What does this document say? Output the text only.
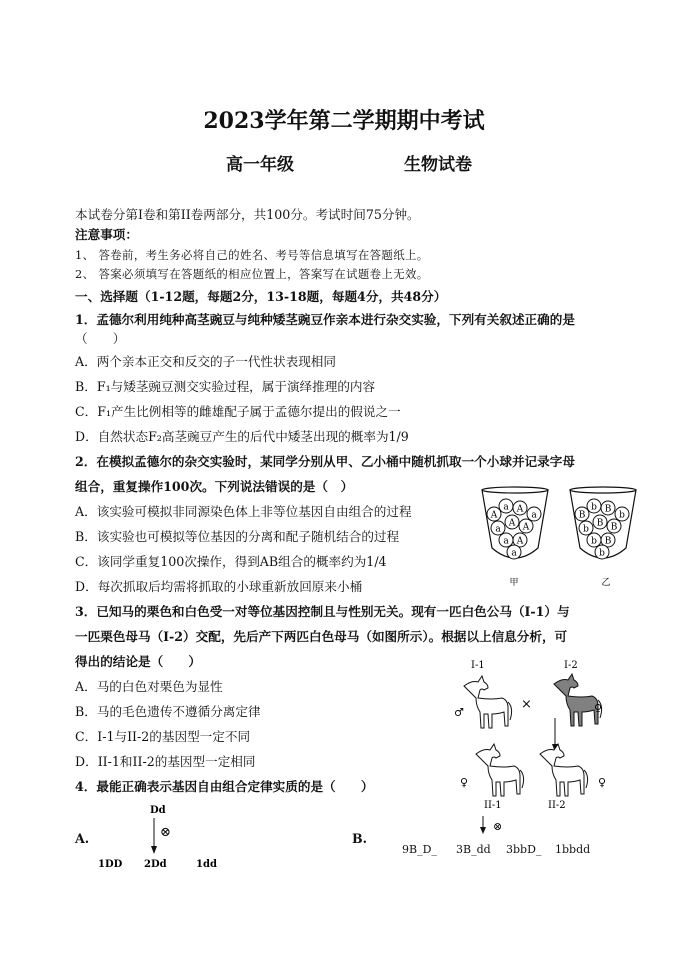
2023学年第二学期期中考试
高一年级	生物试卷
本试卷分第I卷和第II卷两部分，共100分。考试时间75分钟。
注意事项：
1、 答卷前，考生务必将自己的姓名、考号等信息填写在答题纸上。
2、 答案必须填写在答题纸的相应位置上，答案写在试题卷上无效。
一、选择题（1-12题，每题2分，13-18题，每题4分，共48分）
1．孟德尔利用纯种高茎豌豆与纯种矮茎豌豆作亲本进行杂交实验，下列有关叙述正确的是
（　　）
A．两个亲本正交和反交的子一代性状表现相同
B．F₁与矮茎豌豆测交实验过程，属于演绎推理的内容
C．F₁产生比例相等的雌雄配子属于孟德尔提出的假说之一
D．自然状态F₂高茎豌豆产生的后代中矮茎出现的概率为1/9
2．在模拟孟德尔的杂交实验时，某同学分别从甲、乙小桶中随机抓取一个小球并记录字母
组合，重复操作100次。下列说法错误的是（　）
A．该实验可模拟非同源染色体上非等位基因自由组合的过程
B．该实验也可模拟等位基因的分离和配子随机结合的过程
C．该同学重复100次操作，得到AB组合的概率约为1/4
D．每次抓取后均需将抓取的小球重新放回原来小桶
A
a A
a
a
A A
a A
a
甲
B
b B
b
b
B B
b B
b
乙
3．已知马的栗色和白色受一对等位基因控制且与性别无关。现有一匹白色公马（I-1）与
一匹栗色母马（I-2）交配，先后产下两匹白色母马（如图所示）。根据以上信息分析，可
得出的结论是（　　）
A．马的白色对栗色为显性
B．马的毛色遗传不遵循分离定律
C．I-1与II-2的基因型一定不同
D．II-1和II-2的基因型一定相同
I-1
♂
I-2
♀
×
♀
II-1
♀
II-2
⊗
4．最能正确表示基因自由组合定律实质的是（　　）
A.
Dd
⊗
1DD 2Dd	1dd
B.
9B_D_ 3B_dd 3bbD_ 1bbdd
